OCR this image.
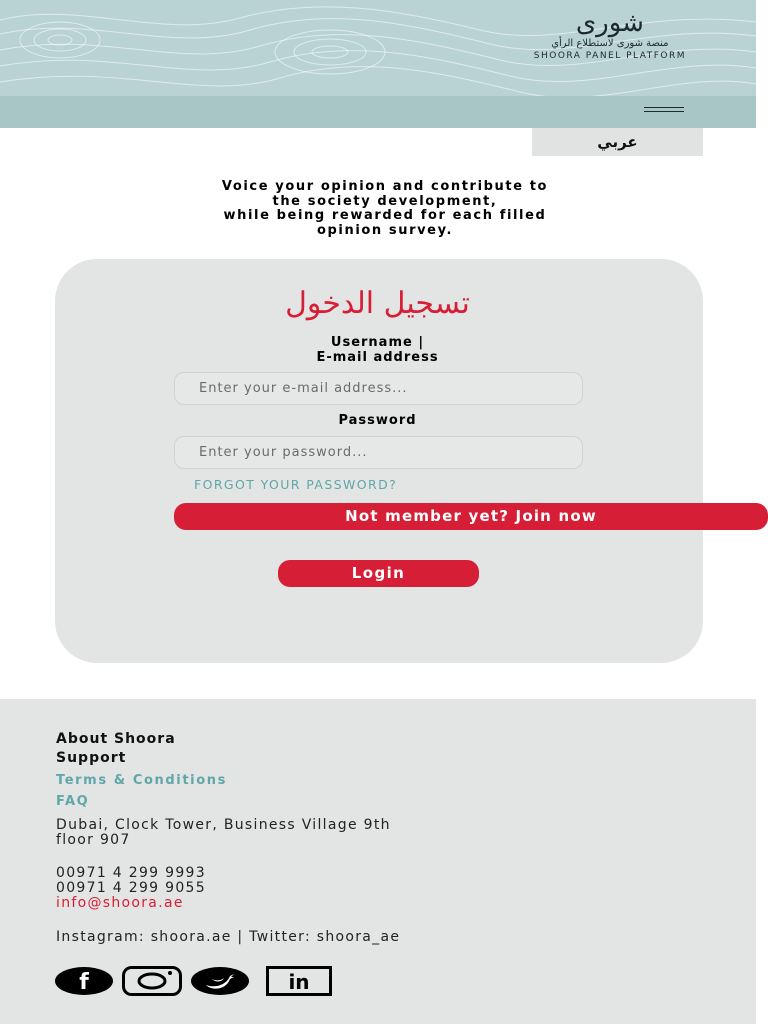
شورى
منصة شورى لاستطلاع الرأي
SHOORA PANEL PLATFORM
عربي
Voice your opinion and contribute to
the society development,
while being rewarded for each filled
opinion survey.
تسجيل الدخول
Username |
E-mail address
Enter your e-mail address...
Password
FORGOT YOUR PASSWORD?
Not member yet? Join now
Login
About Shoora
Support
Terms & Conditions
FAQ
Dubai, Clock Tower, Business Village 9th
floor 907
00971 4 299 9993
00971 4 299 9055
info@shoora.ae
Instagram: shoora.ae | Twitter: shoora_ae
f	in
